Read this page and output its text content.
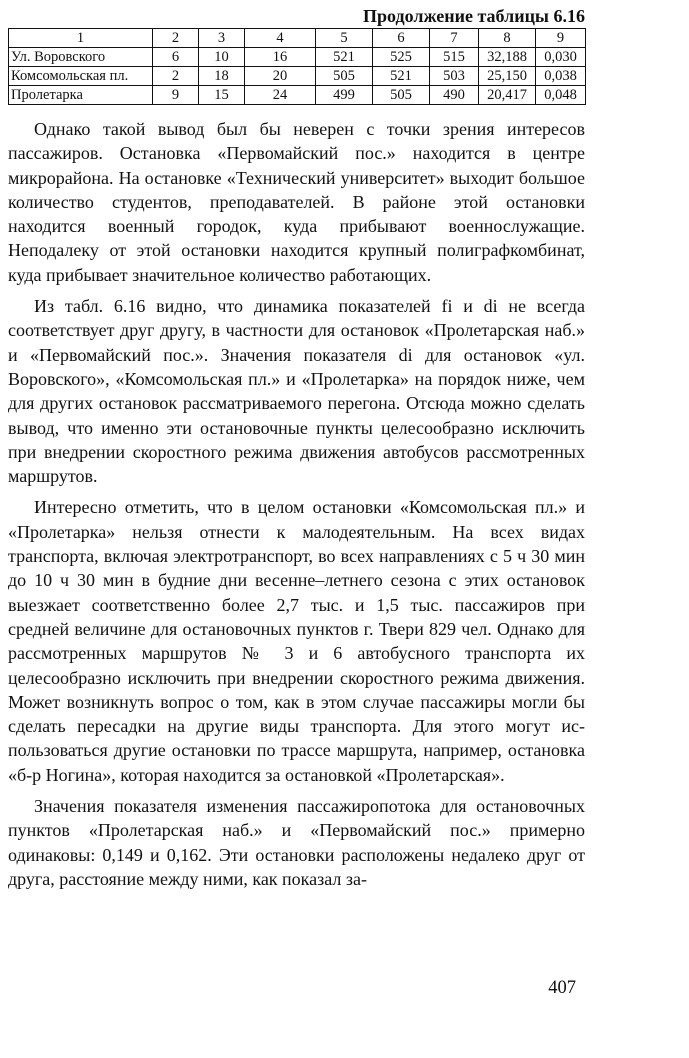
Продолжение таблицы 6.16
1	2	3	4	5	6	7	8	9
Ул. Воровского	6	10	16	521	525	515	32,188	0,030
Комсомольская пл.	2	18	20	505	521	503	25,150	0,038
Пролетарка	9	15	24	499	505	490	20,417	0,048

Однако такой вывод был бы неверен с точки зрения интересов пассажиров. Остановка «Первомайский пос.» находится в центре микрорайона. На остановке «Технический университет» выходит большое количество студентов, преподавателей. В районе этой остановки находится военный городок, куда прибывают военнослужащие. Неподалеку от этой остановки находится крупный полиграфкомбинат, куда прибывает значительное количество работающих.

Из табл. 6.16 видно, что динамика показателей fi и di не всегда соответствует друг другу, в частности для остановок «Пролетарская наб.» и «Первомайский пос.». Значения показателя di для остановок «ул. Воровского», «Комсомольская пл.» и «Пролетарка» на порядок ниже, чем для других остановок рассматриваемого перегона. Отсюда можно сделать вывод, что именно эти остановочные пункты целесообразно исключить при внедрении скоростного режима движения автобусов рассмотренных маршрутов.

Интересно отметить, что в целом остановки «Комсомольская пл.» и «Пролетарка» нельзя отнести к малодеятельным. На всех видах транспорта, включая электротранспорт, во всех направлениях с 5 ч 30 мин до 10 ч 30 мин в будние дни весенне–летнего сезона с этих остановок выезжает соответственно более 2,7 тыс. и 1,5 тыс. пассажиров при средней величине для остановочных пунктов г. Твери 829 чел. Однако для рассмотренных маршрутов № 3 и 6 автобусного транспорта их целесообразно исключить при внедрении скоростного режима движения. Может возникнуть вопрос о том, как в этом случае пассажиры могли бы сделать пересадки на другие виды транспорта. Для этого могут использоваться другие остановки по трассе маршрута, например, остановка «б-р Ногина», которая находится за остановкой «Пролетарская».

Значения показателя изменения пассажиропотока для остановочных пунктов «Пролетарская наб.» и «Первомайский пос.» примерно одинаковы: 0,149 и 0,162. Эти остановки расположены недалеко друг от друга, расстояние между ними, как показал за-

407
